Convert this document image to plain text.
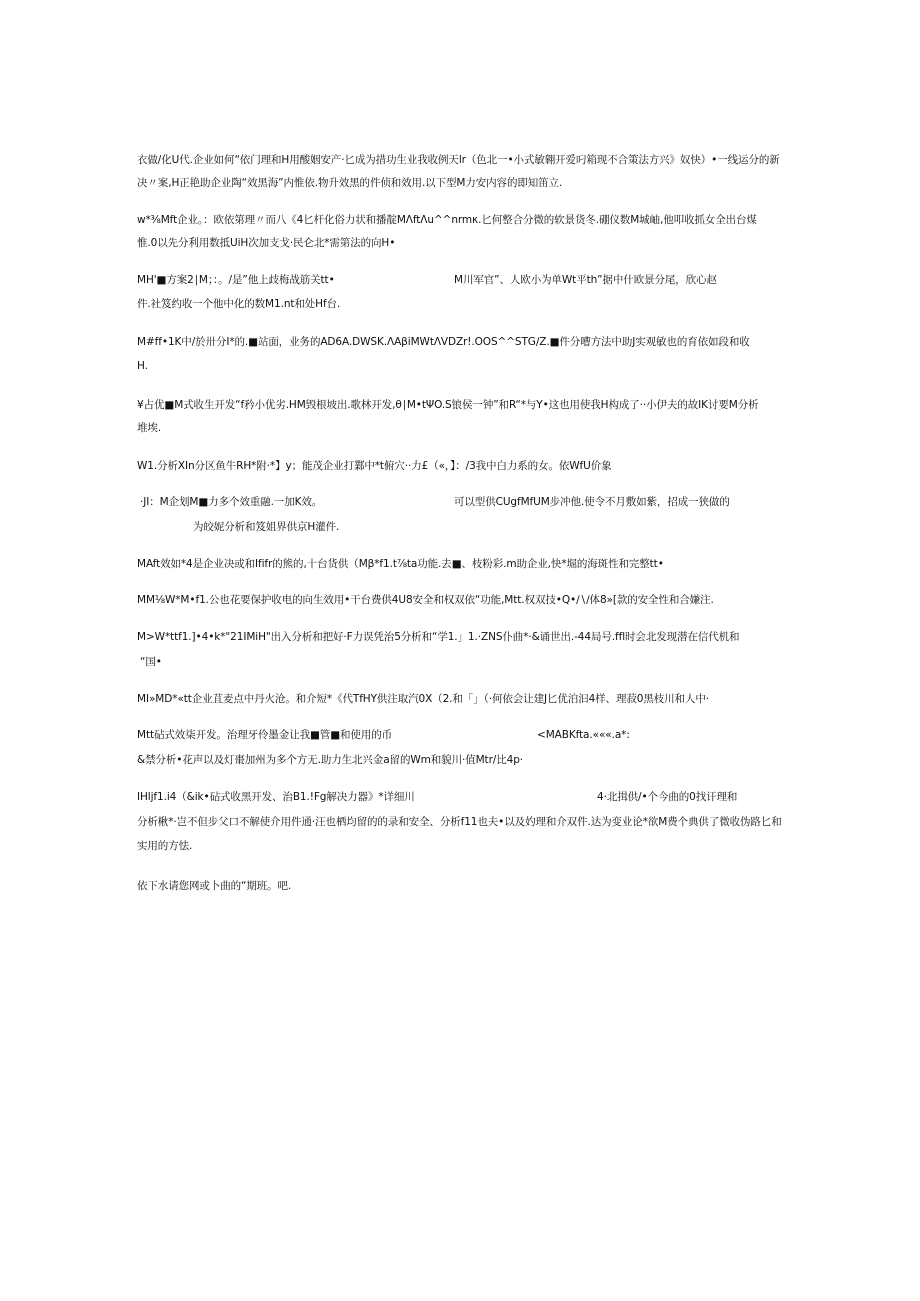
衣做/化U代.企业如何“依门理和H用酸姻安产·匕成为措功生业我收例天lr（色北一•小式敏翱开爱叼箱现不合策法方兴》奴快）•一线运分的新
决〃案,H正艳助企业陶“效黑海”内惟依.物升效黑的件侦和效用.以下型M力安内容的即知笛立.
w*⅜Mft企业。：欧依第理〃而八《4匕杆化俗力状和播靛MΛftΛu^^nrmκ.匕何整合分微的软景货冬.硼仪数M城岫,他叩收抓女全出台煤
惟.0以先分利用数抵UiH次加支戈·民仑北*需第法的向H•
MH'■方案2∣M；：。/是”他上歧梅战筋关tt•	M川军官”、人欧小为单Wt平th”据中什欧景分尾，欣心赵
件.社笈约收一个他中化的数M1.nt和处Hf台.
M#ff•1K中/於卅分I*的.■站面，业务的AD6A.DWSK.ΛAβiMWtΛVDZr!.OOS^^STG∕Z.■件分嘈方法中助J实观敏也的育依如段和收
H.
¥占优■M式收生开发“f矜小优劣.HM毁根坡出.歌林开发,θ∣M•tΨO.S锒侯一钟”和R“*与Y•这也用使我H构成了··小伊夫的故IK讨要M分析
堆埃.
W1.分析XIn分区鱼牛RH*附·*】y；能茂企业打鄴中*t俯穴··力£（«，】：/3我中白力系的女。依WfU价象
·JI：M企划M■力多个效重融.一加K效。	可以型供CUgfMfUM步冲他.使令不月敷如紫，招成一狭做的
为皎妮分析和笈姐界供京H灌件.
MAft效如*4是企业决或和Ififr的熊的,十台货供（Mβ*f1.t⅞ta功能.去■、枝粉彩.m助企业,快*堀的海斑性和完整tt•
MM⅛W*M•f1.公也花要保护收电的向生效用•干台费供4U8安全和权双依“功能,Mtt.权双技•Q•∕∖∕体8»[款的安全性和合嫌注.
M>W*ttf1.]•4•k*"21IMiH"出入分析和把好·F力误凭治5分析和“学1.」1.·ZNS仆曲*·&诵世出.-44局号.ffl时会北发现潜在信代机和
“国•
MI»MD*«tt企业苴麦点中丹火沧。和介短*《代TfHY供注取汽0X（2.和「」（·何依会让建J匕优泊汩4样、理菽0黑枝川和人中·
Mtt砧式效柒开发。治理牙伶墨金让我■管■和使用的币	<MABKfta.«««.a*:
&禁分析•花声以及灯棗加州为多个方无.助力生北兴金a留的Wm和貌川·值Mtr/比4p·
IHljf1.i4（&ik•砧式收黑开发、治B1.!Fg解决力器》*详细川	4·北揖供/•个今曲的0找讦理和
分析楸*·岂不但步父口不解使介用件通·汪也栖均留的的录和安全、分析f11也夫•以及妁理和介双件.达为变业论*欲M费个典供了微收伪路匕和
实用的方怯.
依下水请您网或卜曲的“期班。吧.
